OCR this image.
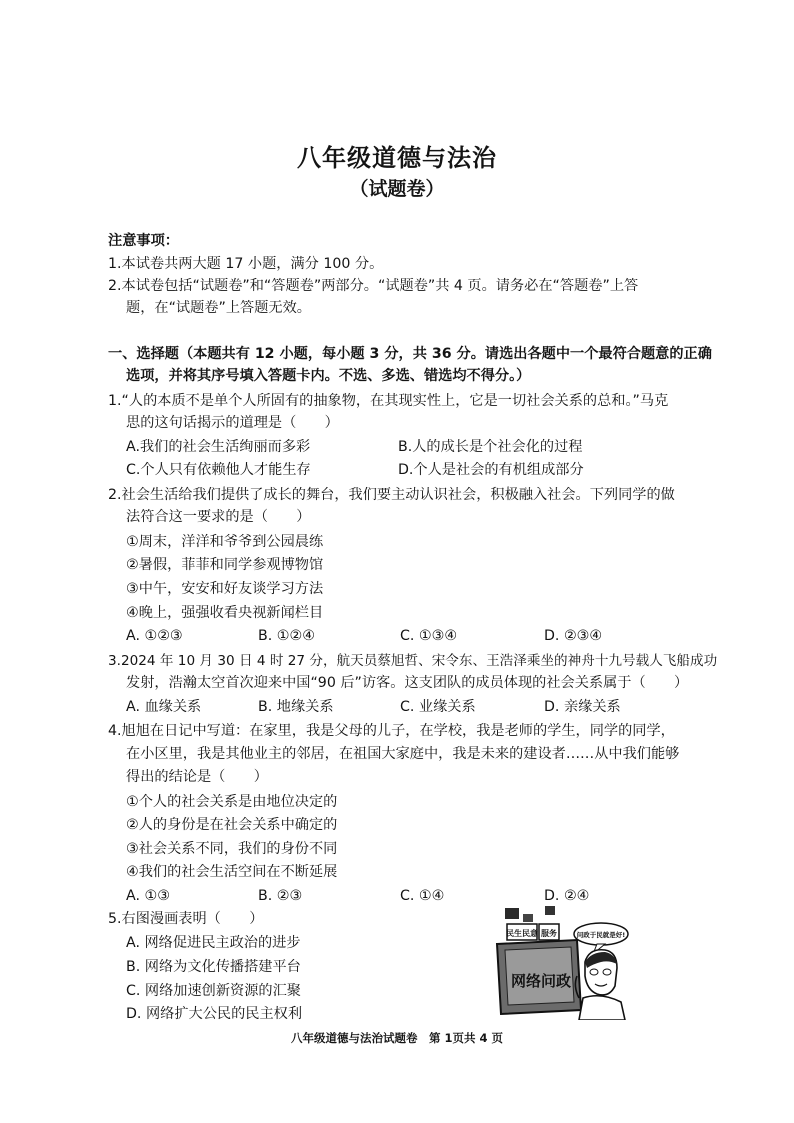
八年级道德与法治
（试题卷）
注意事项：
1.本试卷共两大题 17 小题，满分 100 分。
2.本试卷包括“试题卷”和“答题卷”两部分。“试题卷”共 4 页。请务必在“答题卷”上答
题，在“试题卷”上答题无效。
一、选择题（本题共有 12 小题，每小题 3 分，共 36 分。请选出各题中一个最符合题意的正确
选项，并将其序号填入答题卡内。不选、多选、错选均不得分。）
1.“人的本质不是单个人所固有的抽象物，在其现实性上，它是一切社会关系的总和。”马克
思的这句话揭示的道理是（　　）
A.我们的社会生活绚丽而多彩	B.人的成长是个社会化的过程
C.个人只有依赖他人才能生存	D.个人是社会的有机组成部分
2.社会生活给我们提供了成长的舞台，我们要主动认识社会，积极融入社会。下列同学的做
法符合这一要求的是（　　）
①周末，洋洋和爷爷到公园晨练
②暑假，菲菲和同学参观博物馆
③中午，安安和好友谈学习方法
④晚上，强强收看央视新闻栏目
A. ①②③	B. ①②④	C. ①③④	D. ②③④
3.2024 年 10 月 30 日 4 时 27 分，航天员蔡旭哲、宋令东、王浩泽乘坐的神舟十九号载人飞船成功
发射，浩瀚太空首次迎来中国“90 后”访客。这支团队的成员体现的社会关系属于（　　）
A. 血缘关系	B. 地缘关系	C. 业缘关系	D. 亲缘关系
4.旭旭在日记中写道：在家里，我是父母的儿子，在学校，我是老师的学生，同学的同学，
在小区里，我是其他业主的邻居，在祖国大家庭中，我是未来的建设者……从中我们能够
得出的结论是（　　）
①个人的社会关系是由地位决定的
②人的身份是在社会关系中确定的
③社会关系不同，我们的身份不同
④我们的社会生活空间在不断延展
A. ①③	B. ②③	C. ①④	D. ②④
5.右图漫画表明（　　）
A. 网络促进民主政治的进步
B. 网络为文化传播搭建平台
C. 网络加速创新资源的汇聚
D. 网络扩大公民的民主权利
民生民意 服务
网络问政
问政于民就是好!
八年级道德与法治试题卷　第 1页共 4 页
